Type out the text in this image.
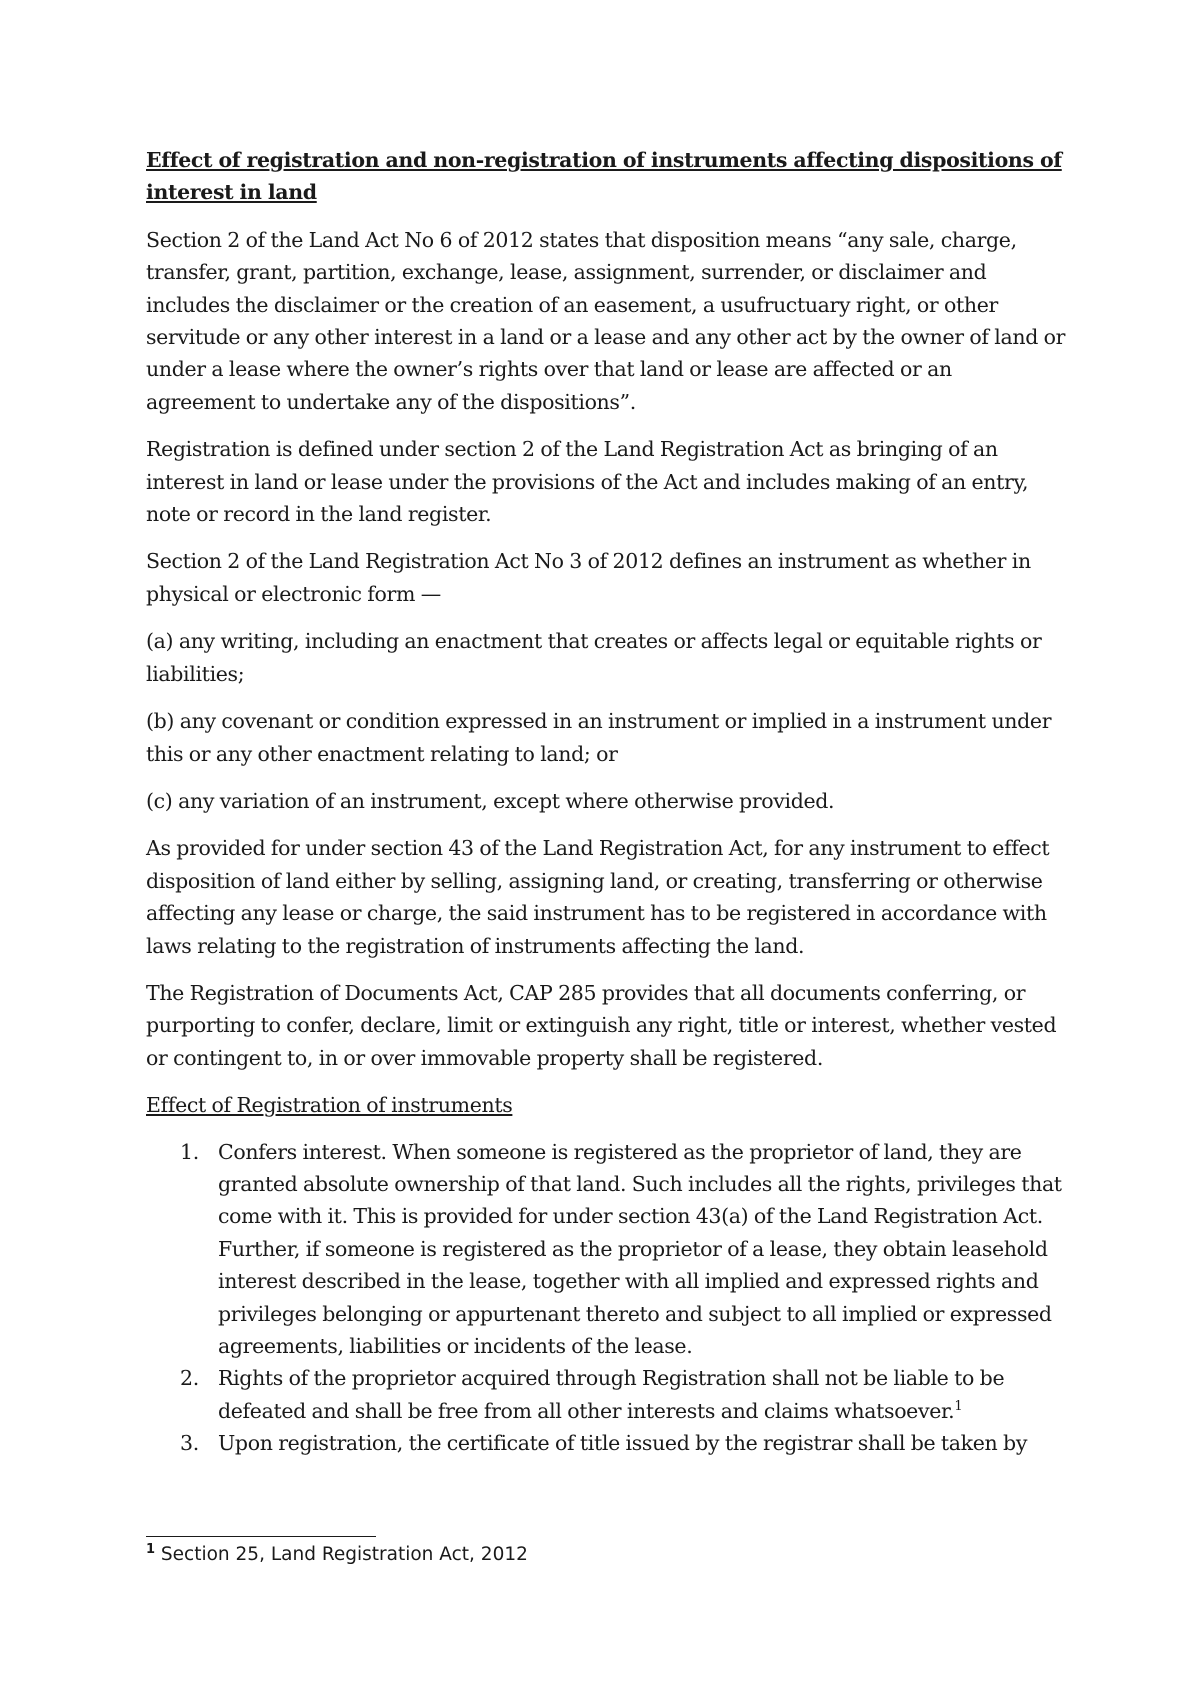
Effect of registration and non-registration of instruments affecting dispositions of interest in land

Section 2 of the Land Act No 6 of 2012 states that disposition means “any sale, charge, transfer, grant, partition, exchange, lease, assignment, surrender, or disclaimer and includes the disclaimer or the creation of an easement, a usufructuary right, or other servitude or any other interest in a land or a lease and any other act by the owner of land or under a lease where the owner’s rights over that land or lease are affected or an agreement to undertake any of the dispositions”.

Registration is defined under section 2 of the Land Registration Act as bringing of an interest in land or lease under the provisions of the Act and includes making of an entry, note or record in the land register.

Section 2 of the Land Registration Act No 3 of 2012 defines an instrument as whether in physical or electronic form —

(a) any writing, including an enactment that creates or affects legal or equitable rights or liabilities;

(b) any covenant or condition expressed in an instrument or implied in a instrument under this or any other enactment relating to land; or

(c) any variation of an instrument, except where otherwise provided.

As provided for under section 43 of the Land Registration Act, for any instrument to effect disposition of land either by selling, assigning land, or creating, transferring or otherwise affecting any lease or charge, the said instrument has to be registered in accordance with laws relating to the registration of instruments affecting the land.

The Registration of Documents Act, CAP 285 provides that all documents conferring, or purporting to confer, declare, limit or extinguish any right, title or interest, whether vested or contingent to, in or over immovable property shall be registered.

Effect of Registration of instruments

1. Confers interest. When someone is registered as the proprietor of land, they are granted absolute ownership of that land. Such includes all the rights, privileges that come with it. This is provided for under section 43(a) of the Land Registration Act. Further, if someone is registered as the proprietor of a lease, they obtain leasehold interest described in the lease, together with all implied and expressed rights and privileges belonging or appurtenant thereto and subject to all implied or expressed agreements, liabilities or incidents of the lease.
2. Rights of the proprietor acquired through Registration shall not be liable to be defeated and shall be free from all other interests and claims whatsoever.$^1$
3. Upon registration, the certificate of title issued by the registrar shall be taken by
$^1$ Section 25, Land Registration Act, 2012
